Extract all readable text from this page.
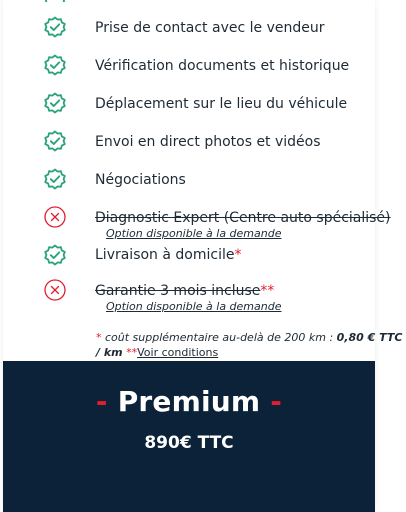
Prise de contact avec le vendeur
Vérification documents et historique
Déplacement sur le lieu du véhicule
Envoi en direct photos et vidéos
Négociations
Diagnostic Expert (Centre auto spécialisé)
Option disponible à la demande
Livraison à domicile*
Garantie 3 mois incluse**
Option disponible à la demande
* coût supplémentaire au-delà de 200 km : 0,80 € TTC / km **Voir conditions
- Premium -
890€ TTC
